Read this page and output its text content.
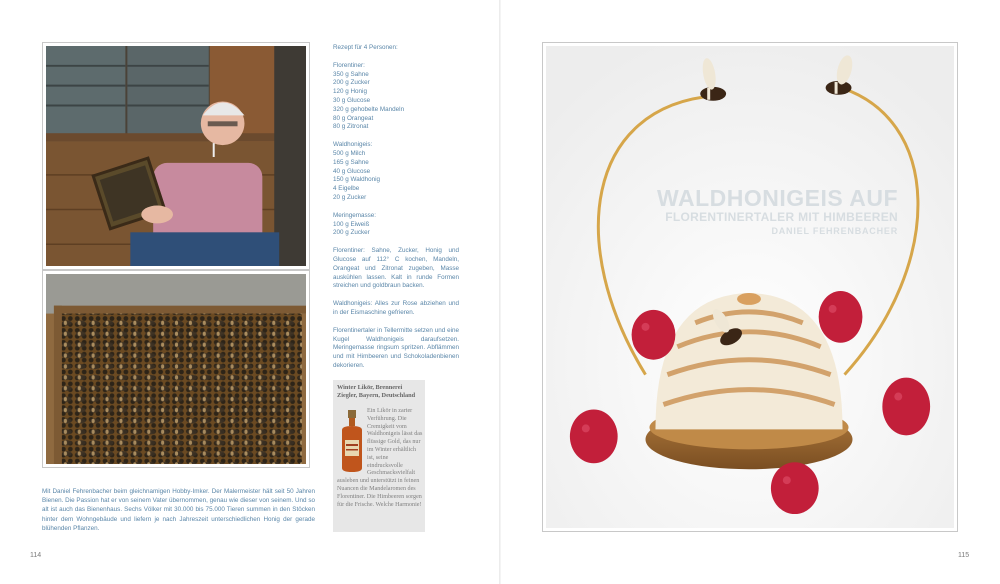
Mit Daniel Fehrenbacher beim gleichnamigen Hobby-Imker. Der Malermeister hält seit 50 Jahren Bienen. Die Passion hat er von seinem Vater übernommen, genau wie dieser von seinem. Und so alt ist auch das Bienenhaus. Sechs Völker mit 30.000 bis 75.000 Tieren summen in den Stöcken hinter dem Wohngebäude und liefern je nach Jahreszeit unterschiedlichen Honig der gerade blühenden Pflanzen.

114
Rezept für 4 Personen:
Florentiner:
350 g Sahne
200 g Zucker
120 g Honig
30 g Glucose
320 g gehobelte Mandeln
80 g Orangeat
80 g Zitronat
Waldhonigeis:
500 g Milch
165 g Sahne
40 g Glucose
150 g Waldhonig
4 Eigelbe
20 g Zucker
Meringemasse:
100 g Eiweiß
200 g Zucker
Florentiner: Sahne, Zucker, Honig und Glucose auf 112° C kochen, Mandeln, Orangeat und Zitronat zugeben, Masse auskühlen lassen. Kalt in runde Formen streichen und goldbraun backen.
Waldhonigeis: Alles zur Rose abziehen und in der Eismaschine gefrieren.
Florentinertaler in Tellermitte setzen und eine Kugel Waldhonigeis daraufsetzen. Meringemasse ringsum spritzen. Abflämmen und mit Himbeeren und Schokoladenbienen dekorieren.
Winter Likör, Brennerei Ziegler, Bayern, Deutschland
Ein Likör in zarter Verführung. Die Cremigkeit vom Waldhonigeis lässt das flüssige Gold, das nur im Winter erhältlich ist, seine eindrucksvolle Geschmacksvielfalt ausleben und unterstützt in feinen Nuancen die Mandelaromen des Florentiner. Die Himbeeren sorgen für die Frische. Welche Harmonie!
WALDHONIGEIS AUF
FLORENTINERTALER MIT HIMBEEREN
DANIEL FEHRENBACHER
115
